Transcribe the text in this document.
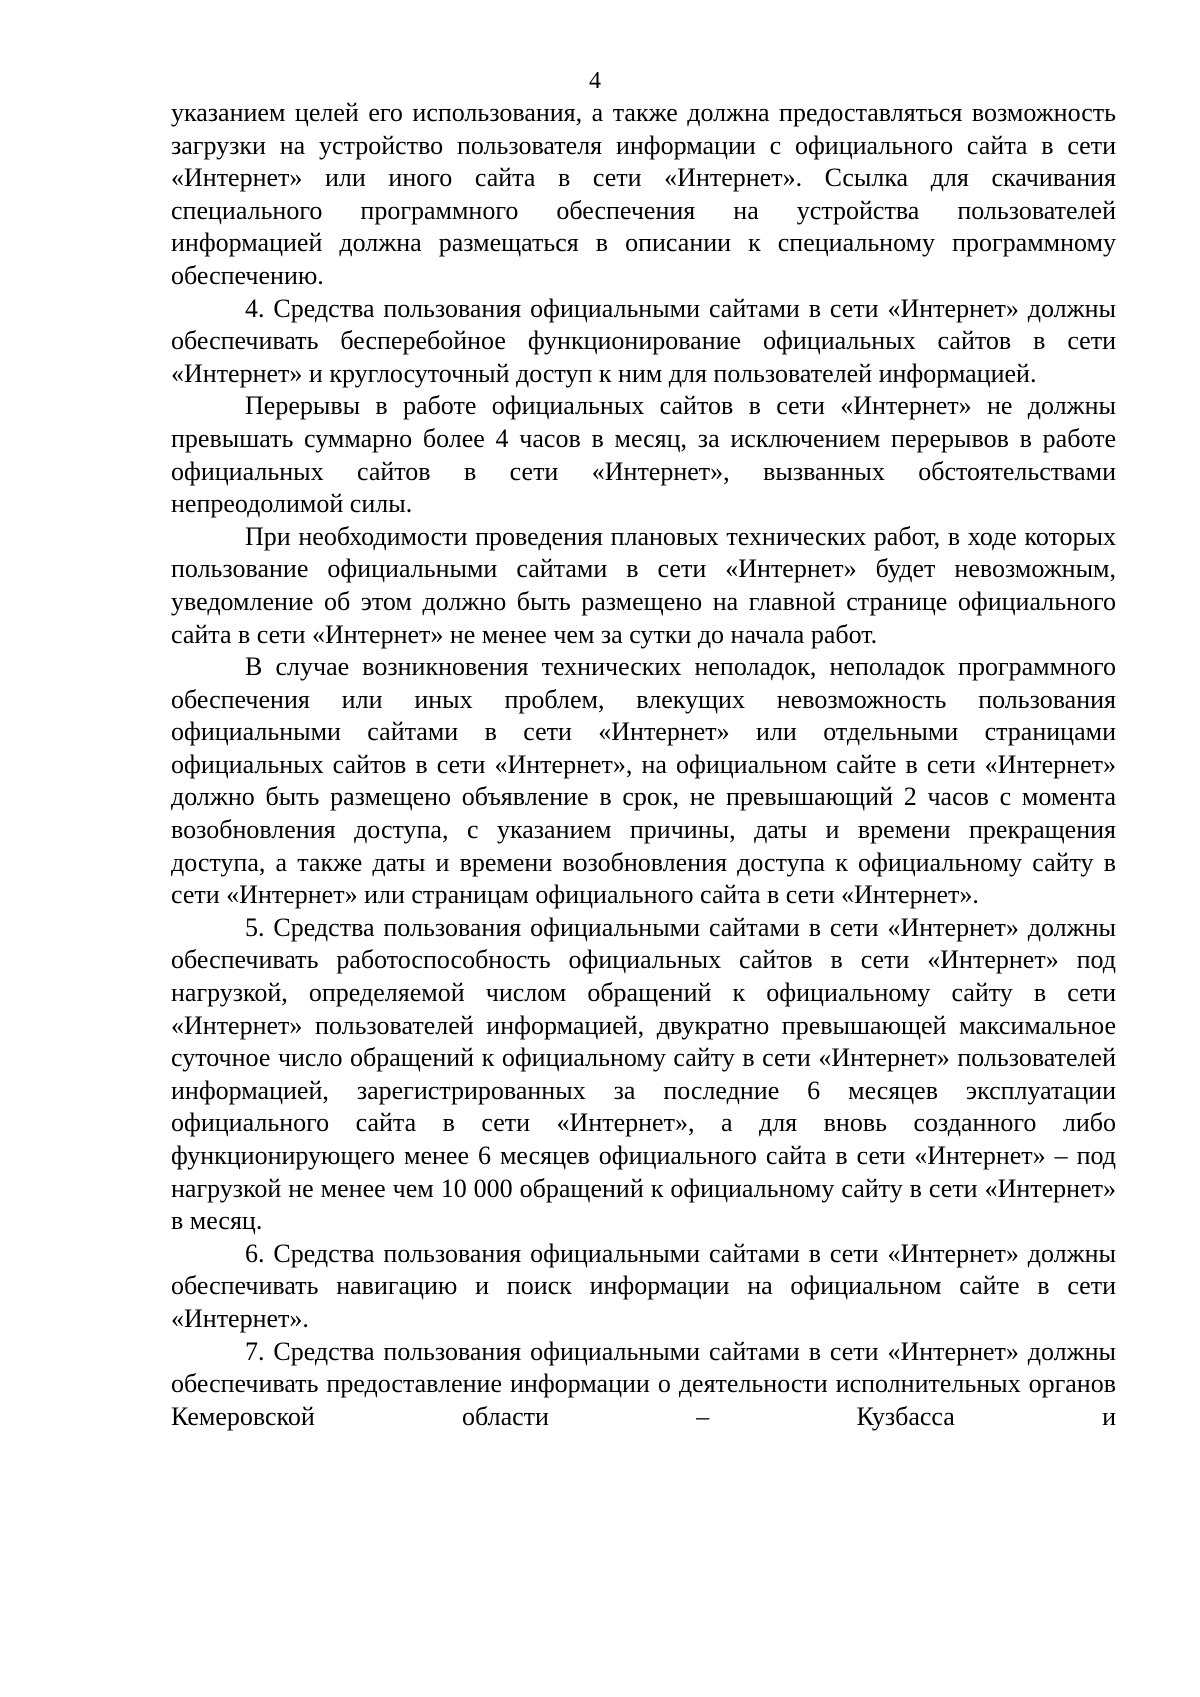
4

указанием целей его использования, а также должна предоставляться возможность загрузки на устройство пользователя информации с официального сайта в сети «Интернет» или иного сайта в сети «Интернет». Ссылка для скачивания специального программного обеспечения на устройства пользователей информацией должна размещаться в описании к специальному программному обеспечению.

4. Средства пользования официальными сайтами в сети «Интернет» должны обеспечивать бесперебойное функционирование официальных сайтов в сети «Интернет» и круглосуточный доступ к ним для пользователей информацией.

Перерывы в работе официальных сайтов в сети «Интернет» не должны превышать суммарно более 4 часов в месяц, за исключением перерывов в работе официальных сайтов в сети «Интернет», вызванных обстоятельствами непреодолимой силы.

При необходимости проведения плановых технических работ, в ходе которых пользование официальными сайтами в сети «Интернет» будет невозможным, уведомление об этом должно быть размещено на главной странице официального сайта в сети «Интернет» не менее чем за сутки до начала работ.

В случае возникновения технических неполадок, неполадок программного обеспечения или иных проблем, влекущих невозможность пользования официальными сайтами в сети «Интернет» или отдельными страницами официальных сайтов в сети «Интернет», на официальном сайте в сети «Интернет» должно быть размещено объявление в срок, не превышающий 2 часов с момента возобновления доступа, с указанием причины, даты и времени прекращения доступа, а также даты и времени возобновления доступа к официальному сайту в сети «Интернет» или страницам официального сайта в сети «Интернет».

5. Средства пользования официальными сайтами в сети «Интернет» должны обеспечивать работоспособность официальных сайтов в сети «Интернет» под нагрузкой, определяемой числом обращений к официальному сайту в сети «Интернет» пользователей информацией, двукратно превышающей максимальное суточное число обращений к официальному сайту в сети «Интернет» пользователей информацией, зарегистрированных за последние 6 месяцев эксплуатации официального сайта в сети «Интернет», а для вновь созданного либо функционирующего менее 6 месяцев официального сайта в сети «Интернет» – под нагрузкой не менее чем 10 000 обращений к официальному сайту в сети «Интернет» в месяц.

6. Средства пользования официальными сайтами в сети «Интернет» должны обеспечивать навигацию и поиск информации на официальном сайте в сети «Интернет».

7. Средства пользования официальными сайтами в сети «Интернет» должны обеспечивать предоставление информации о деятельности исполнительных органов Кемеровской области – Кузбасса и
